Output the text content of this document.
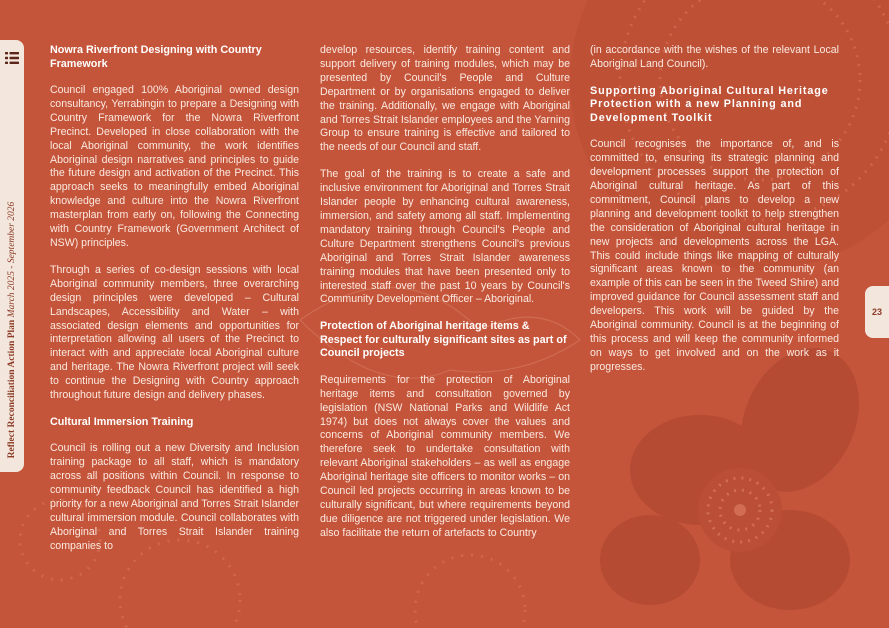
Reflect Reconciliation Action Plan March 2025 - September 2026	23
Nowra Riverfront Designing with Country Framework

Council engaged 100% Aboriginal owned design consultancy, Yerrabingin to prepare a Designing with Country Framework for the Nowra Riverfront Precinct. Developed in close collaboration with the local Aboriginal community, the work identifies Aboriginal design narratives and principles to guide the future design and activation of the Precinct. This approach seeks to meaningfully embed Aboriginal knowledge and culture into the Nowra Riverfront masterplan from early on, following the Connecting with Country Framework (Government Architect of NSW) principles.

Through a series of co-design sessions with local Aboriginal community members, three overarching design principles were developed – Cultural Landscapes, Accessibility and Water – with associated design elements and opportunities for interpretation allowing all users of the Precinct to interact with and appreciate local Aboriginal culture and heritage. The Nowra Riverfront project will seek to continue the Designing with Country approach throughout future design and delivery phases.

Cultural Immersion Training

Council is rolling out a new Diversity and Inclusion training package to all staff, which is mandatory across all positions within Council. In response to community feedback Council has identified a high priority for a new Aboriginal and Torres Strait Islander cultural immersion module. Council collaborates with Aboriginal and Torres Strait Islander training companies to

develop resources, identify training content and support delivery of training modules, which may be presented by Council's People and Culture Department or by organisations engaged to deliver the training. Additionally, we engage with Aboriginal and Torres Strait Islander employees and the Yarning Group to ensure training is effective and tailored to the needs of our Council and staff.

The goal of the training is to create a safe and inclusive environment for Aboriginal and Torres Strait Islander people by enhancing cultural awareness, immersion, and safety among all staff. Implementing mandatory training through Council's People and Culture Department strengthens Council's previous Aboriginal and Torres Strait Islander awareness training modules that have been presented only to interested staff over the past 10 years by Council's Community Development Officer – Aboriginal.

Protection of Aboriginal heritage items & Respect for culturally significant sites as part of Council projects

Requirements for the protection of Aboriginal heritage items and consultation governed by legislation (NSW National Parks and Wildlife Act 1974) but does not always cover the values and concerns of Aboriginal community members. We therefore seek to undertake consultation with relevant Aboriginal stakeholders – as well as engage Aboriginal heritage site officers to monitor works – on Council led projects occurring in areas known to be culturally significant, but where requirements beyond due diligence are not triggered under legislation. We also facilitate the return of artefacts to Country

(in accordance with the wishes of the relevant Local Aboriginal Land Council).

Supporting Aboriginal Cultural Heritage Protection with a new Planning and Development Toolkit

Council recognises the importance of, and is committed to, ensuring its strategic planning and development processes support the protection of Aboriginal cultural heritage. As part of this commitment, Council plans to develop a new planning and development toolkit to help strengthen the consideration of Aboriginal cultural heritage in new projects and developments across the LGA. This could include things like mapping of culturally significant areas known to the community (an example of this can be seen in the Tweed Shire) and improved guidance for Council assessment staff and developers. This work will be guided by the Aboriginal community. Council is at the beginning of this process and will keep the community informed on ways to get involved and on the work as it progresses.
